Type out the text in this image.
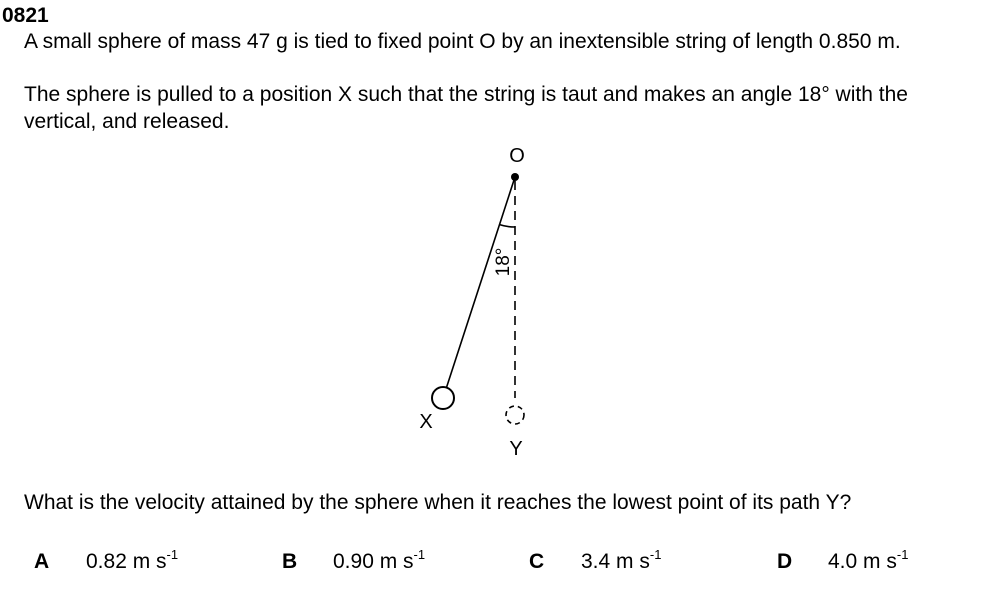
0821
A small sphere of mass 47 g is tied to fixed point O by an inextensible string of length 0.850 m.
The sphere is pulled to a position X such that the string is taut and makes an angle 18° with the
vertical, and released.
O
18°
X
Y
What is the velocity attained by the sphere when it reaches the lowest point of its path Y?
A 0.82 m $s^{-1}$	B 0.90 m $s^{-1}$	C 3.4 m $s^{-1}$	D 4.0 m $s^{-1}$
